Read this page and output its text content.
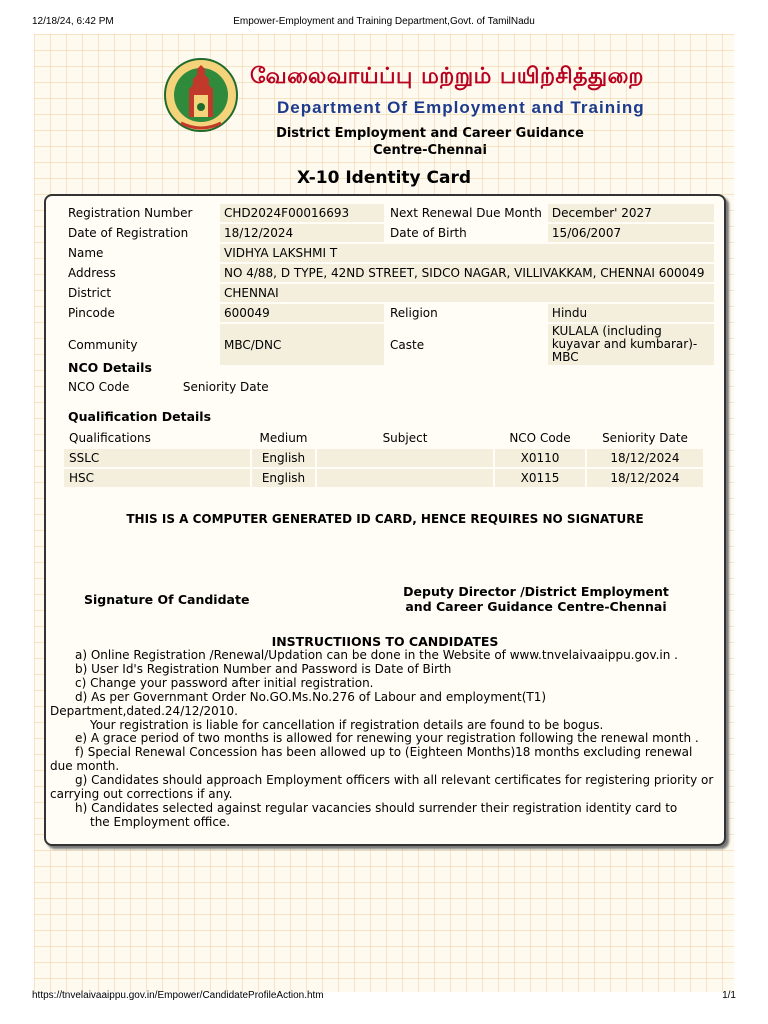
12/18/24, 6:42 PM	Empower-Employment and Training Department,Govt. of TamilNadu
வேலைவாய்ப்பு மற்றும் பயிற்சித்துறை
Department Of Employment and Training
District Employment and Career Guidance
Centre-Chennai
X-10 Identity Card
Registration Number	CHD2024F00016693	Next Renewal Due Month	December' 2027
Date of Registration	18/12/2024	Date of Birth	15/06/2007
Name	VIDHYA LAKSHMI T		
Address	NO 4/88, D TYPE, 42ND STREET, SIDCO NAGAR, VILLIVAKKAM, CHENNAI 600049		
District	CHENNAI		
Pincode	600049	Religion	Hindu
Community	MBC/DNC	Caste	KULALA (including kuyavar and kumbarar)-MBC
NCO Details
NCO Code	Seniority Date
Qualification Details
Qualifications	Medium	Subject	NCO Code	Seniority Date
SSLC	English		X0110	18/12/2024
HSC	English		X0115	18/12/2024
THIS IS A COMPUTER GENERATED ID CARD, HENCE REQUIRES NO SIGNATURE
Signature Of Candidate
Deputy Director /District Employment
and Career Guidance Centre-Chennai
INSTRUCTIIONS TO CANDIDATES

a) Online Registration /Renewal/Updation can be done in the Website of www.tnvelaivaaippu.gov.in .

b) User Id's Registration Number and Password is Date of Birth

c) Change your password after initial registration.

d) As per Governmant Order No.GO.Ms.No.276 of Labour and employment(T1) Department,dated.24/12/2010.

Your registration is liable for cancellation if registration details are found to be bogus.

e) A grace period of two months is allowed for renewing your registration following the renewal month .

f) Special Renewal Concession has been allowed up to (Eighteen Months)18 months excluding renewal due month.

g) Candidates should approach Employment officers with all relevant certificates for registering priority or carrying out corrections if any.

h) Candidates selected against regular vacancies should surrender their registration identity card to

the Employment office.

https://tnvelaivaaippu.gov.in/Empower/CandidateProfileAction.htm	1/1
